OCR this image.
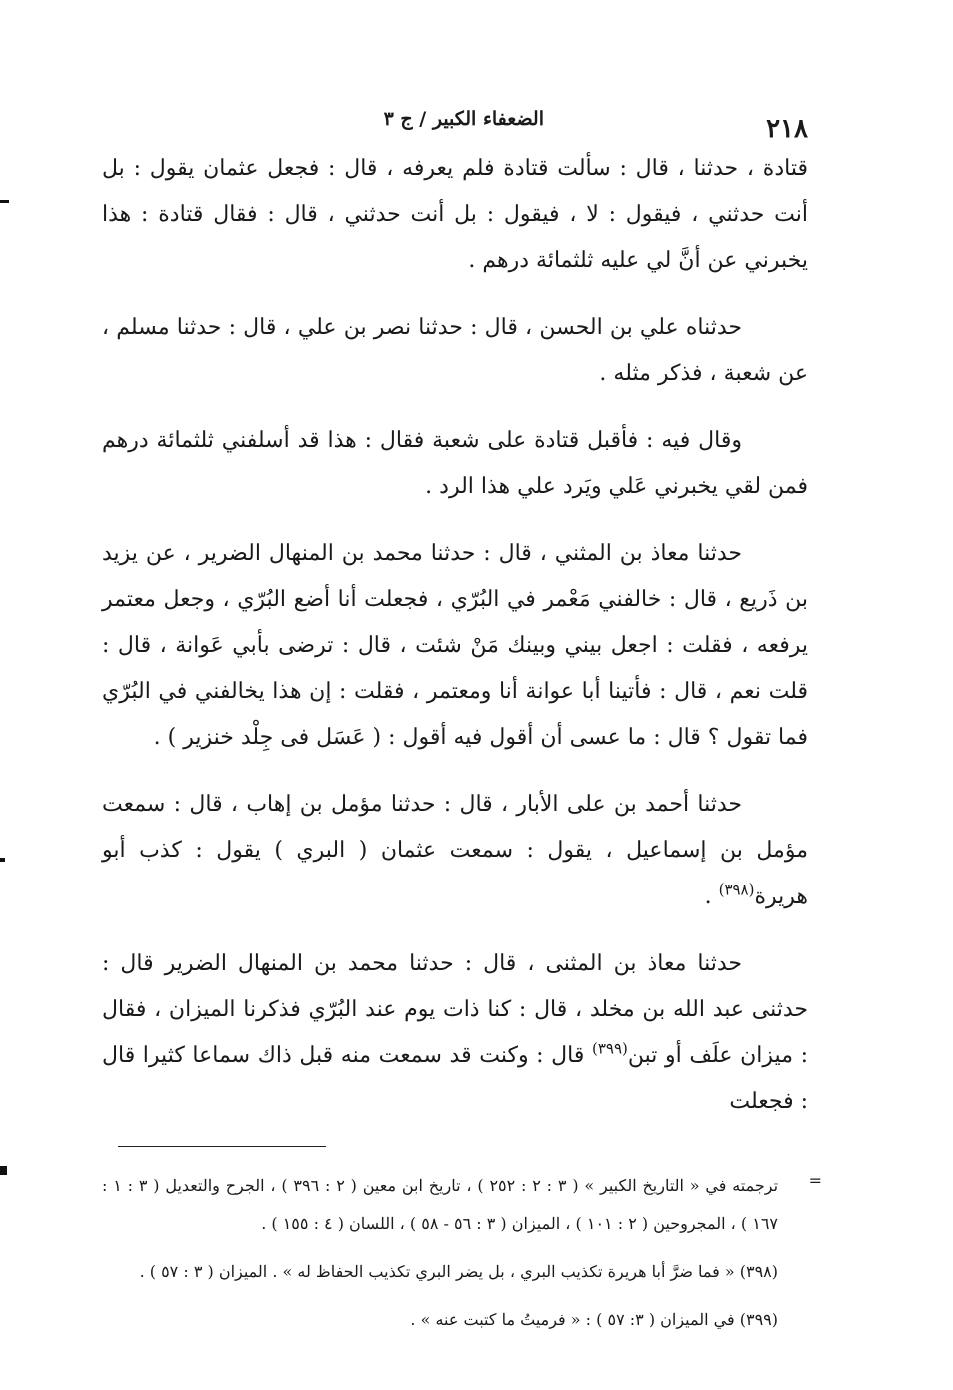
٢١٨
الضعفاء الكبير / ج ٣

قتادة ، حدثنا ، قال : سألت قتادة فلم يعرفه ، قال : فجعل عثمان يقول : بل أنت حدثني ، فيقول : لا ، فيقول : بل أنت حدثني ، قال : فقال قتادة : هذا يخبرني عن أنَّ لي عليه ثلثمائة درهم .

حدثناه علي بن الحسن ، قال : حدثنا نصر بن علي ، قال : حدثنا مسلم ، عن شعبة ، فذكر مثله .

وقال فيه : فأقبل قتادة على شعبة فقال : هذا قد أسلفني ثلثمائة درهم فمن لقي يخبرني عَلي ويَرد علي هذا الرد .

حدثنا معاذ بن المثني ، قال : حدثنا محمد بن المنهال الضرير ، عن يزيد بن ذَريع ، قال : خالفني مَعْمر في البُرّي ، فجعلت أنا أضع البُرّي ، وجعل معتمر يرفعه ، فقلت : اجعل بيني وبينك مَنْ شئت ، قال : ترضى بأبي عَوانة ، قال : قلت نعم ، قال : فأتينا أبا عوانة أنا ومعتمر ، فقلت : إن هذا يخالفني في البُرّي فما تقول ؟ قال : ما عسى أن أقول فيه أقول : ( عَسَل فى جِلْد خنزير ) .

حدثنا أحمد بن على الأبار ، قال : حدثنا مؤمل بن إهاب ، قال : سمعت مؤمل بن إسماعيل ، يقول : سمعت عثمان ( البري ) يقول : كذب أبو هريرة$^{(٣٩٨)}$ .

حدثنا معاذ بن المثنى ، قال : حدثنا محمد بن المنهال الضرير قال : حدثنى عبد الله بن مخلد ، قال : كنا ذات يوم عند البُرّي فذكرنا الميزان ، فقال : ميزان علَف أو تبن$^{(٣٩٩)}$ قال : وكنت قد سمعت منه قبل ذاك سماعا كثيرا قال : فجعلت

=

ترجمته في « التاريخ الكبير » ( ٣ : ٢ : ٢٥٢ ) ، تاريخ ابن معين ( ٢ : ٣٩٦ ) ، الجرح والتعديل ( ٣ : ١ : ١٦٧ ) ، المجروحين ( ٢ : ١٠١ ) ، الميزان ( ٣ : ٥٦ - ٥٨ ) ، اللسان ( ٤ : ١٥٥ ) .

(٣٩٨) « فما ضرَّ أبا هريرة تكذيب البري ، بل يضر البري تكذيب الحفاظ له » . الميزان ( ٣ : ٥٧ ) .

(٣٩٩) في الميزان ( ٣: ٥٧ ) : « فرميتُ ما كتبت عنه » .
